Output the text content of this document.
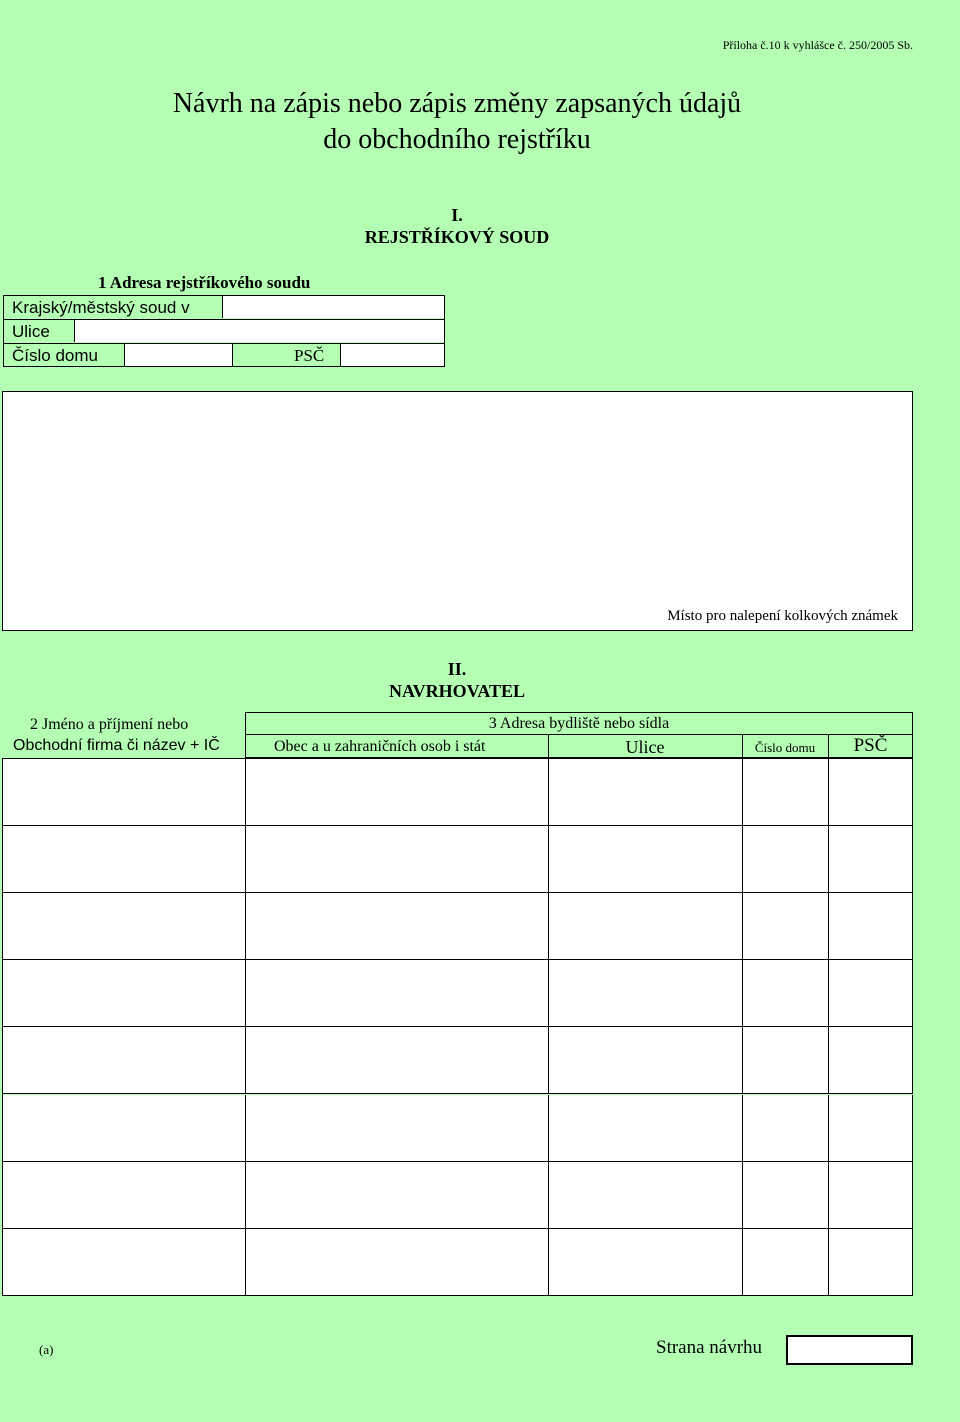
Příloha č.10 k vyhlášce č. 250/2005 Sb.
Návrh na zápis nebo zápis změny zapsaných údajů
do obchodního rejstříku
I.
REJSTŘÍKOVÝ SOUD
1 Adresa rejstříkového soudu
Krajský/městský soud v
Ulice
Číslo domu	PSČ
Místo pro nalepení kolkových známek
II.
NAVRHOVATEL
2 Jméno a příjmení nebo
Obchodní firma či název + IČ
3 Adresa bydliště nebo sídla
Obec a u zahraničních osob i stát	Ulice	Číslo domu	PSČ
(a)	Strana návrhu
